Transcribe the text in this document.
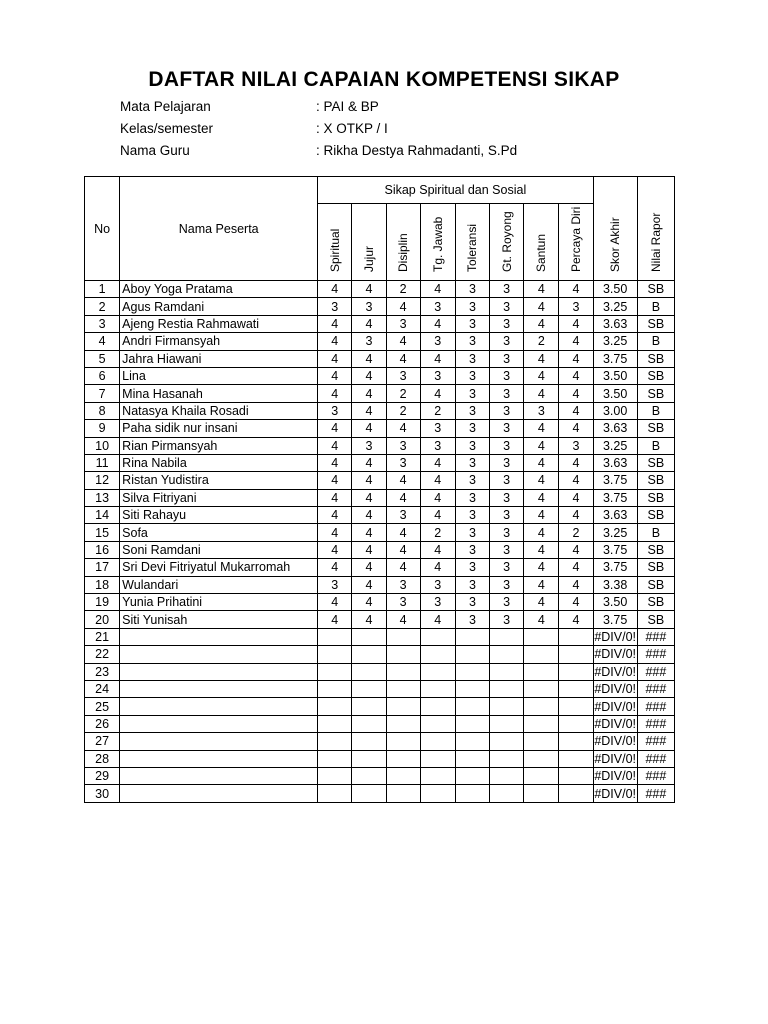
DAFTAR NILAI CAPAIAN KOMPETENSI SIKAP
Mata Pelajaran	: PAI & BP
Kelas/semester	: X OTKP / I
Nama Guru	: Rikha Destya Rahmadanti, S.Pd
No	Nama Peserta	Sikap Spiritual dan Sosial								Skor Akhir	Nilai Rapor

		Spiritual	Jujur	Disiplin	Tg. Jawab	Toleransi	Gt. Royong	Santun	Percaya Diri		

1	Aboy Yoga Pratama	4	4	2	4	3	3	4	4	3.50	SB
2	Agus Ramdani	3	3	4	3	3	3	4	3	3.25	B
3	Ajeng Restia Rahmawati	4	4	3	4	3	3	4	4	3.63	SB
4	Andri Firmansyah	4	3	4	3	3	3	2	4	3.25	B
5	Jahra Hiawani	4	4	4	4	3	3	4	4	3.75	SB
6	Lina	4	4	3	3	3	3	4	4	3.50	SB
7	Mina Hasanah	4	4	2	4	3	3	4	4	3.50	SB
8	Natasya Khaila Rosadi	3	4	2	2	3	3	3	4	3.00	B
9	Paha sidik nur insani	4	4	4	3	3	3	4	4	3.63	SB
10	Rian Pirmansyah	4	3	3	3	3	3	4	3	3.25	B
11	Rina Nabila	4	4	3	4	3	3	4	4	3.63	SB
12	Ristan Yudistira	4	4	4	4	3	3	4	4	3.75	SB
13	Silva Fitriyani	4	4	4	4	3	3	4	4	3.75	SB
14	Siti Rahayu	4	4	3	4	3	3	4	4	3.63	SB
15	Sofa	4	4	4	2	3	3	4	2	3.25	B
16	Soni Ramdani	4	4	4	4	3	3	4	4	3.75	SB
17	Sri Devi Fitriyatul Mukarromah	4	4	4	4	3	3	4	4	3.75	SB
18	Wulandari	3	4	3	3	3	3	4	4	3.38	SB
19	Yunia Prihatini	4	4	3	3	3	3	4	4	3.50	SB
20	Siti Yunisah	4	4	4	4	3	3	4	4	3.75	SB
21										#DIV/0!	###
22										#DIV/0!	###
23										#DIV/0!	###
24										#DIV/0!	###
25										#DIV/0!	###
26										#DIV/0!	###
27										#DIV/0!	###
28										#DIV/0!	###
29										#DIV/0!	###
30										#DIV/0!	###
